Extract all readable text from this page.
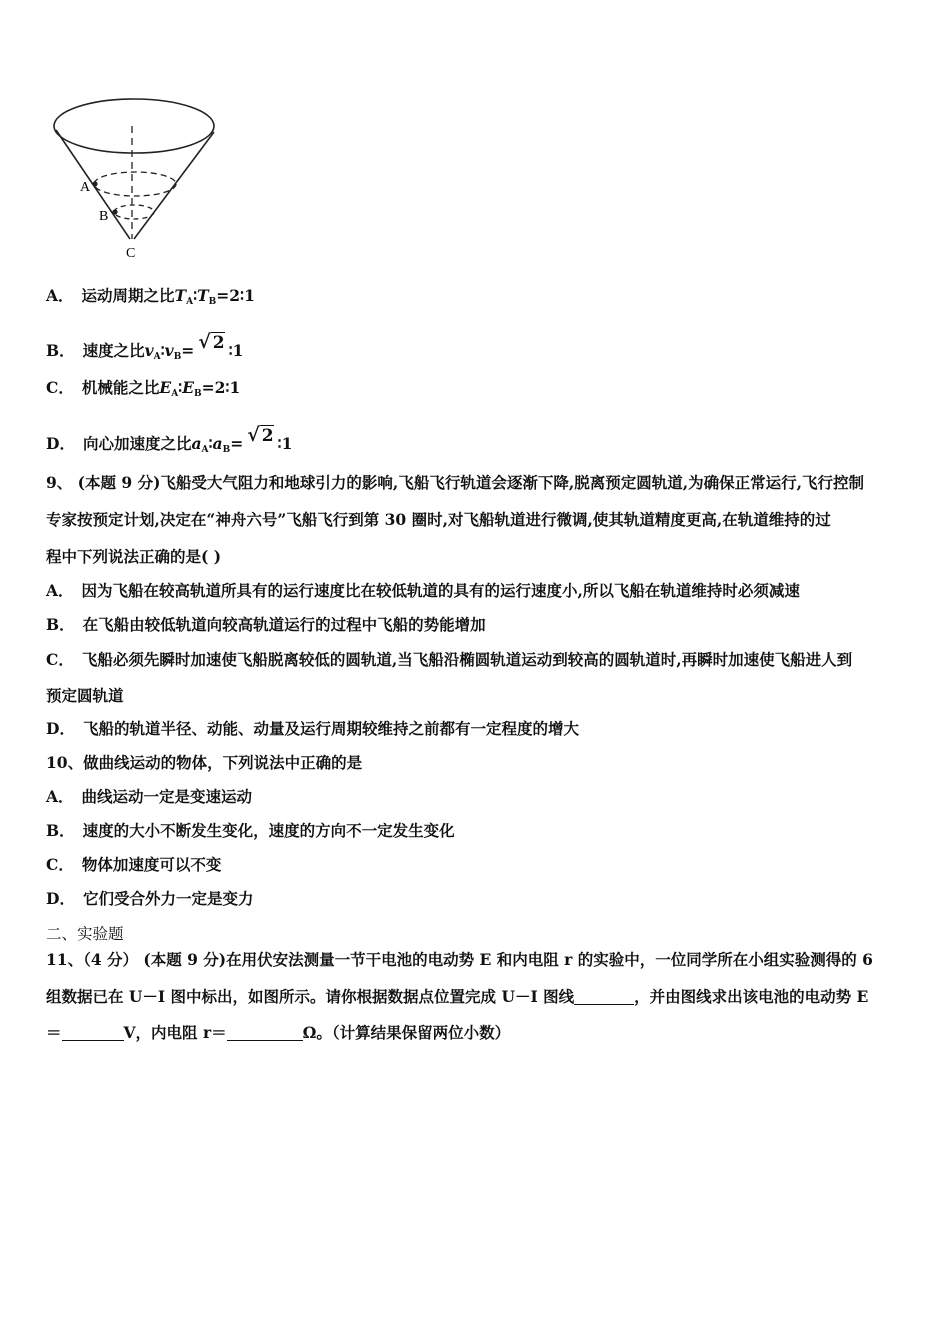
A
B
C
A． 运动周期之比$T_A∶T_B=2∶1$
B． 速度之比$v_A∶v_B=$ √ 2 ∶1
C． 机械能之比$E_A∶E_B=2∶1$
D． 向心加速度之比$a_A∶a_B=$ √ 2 ∶1
9、 (本题 9 分)飞船受大气阻力和地球引力的影响,飞船飞行轨道会逐渐下降,脱离预定圆轨道,为确保正常运行,飞行控制
专家按预定计划,决定在“神舟六号”飞船飞行到第 30 圈时,对飞船轨道进行微调,使其轨道精度更高,在轨道维持的过
程中下列说法正确的是( )
A． 因为飞船在较高轨道所具有的运行速度比在较低轨道的具有的运行速度小,所以飞船在轨道维持时必须减速
B． 在飞船由较低轨道向较高轨道运行的过程中飞船的势能增加
C． 飞船必须先瞬时加速使飞船脱离较低的圆轨道,当飞船沿椭圆轨道运动到较高的圆轨道时,再瞬时加速使飞船进人到
预定圆轨道
D． 飞船的轨道半径、动能、动量及运行周期较维持之前都有一定程度的增大
10、做曲线运动的物体，下列说法中正确的是
A． 曲线运动一定是变速运动
B． 速度的大小不断发生变化，速度的方向不一定发生变化
C． 物体加速度可以不变
D． 它们受合外力一定是变力
二、实验题
11、（4 分） (本题 9 分)在用伏安法测量一节干电池的电动势 E 和内电阻 r 的实验中，一位同学所在小组实验测得的 6
组数据已在 U－I 图中标出，如图所示。请你根据数据点位置完成 U－I 图线	，并由图线求出该电池的电动势 E
＝	V，内电阻 r＝	Ω。（计算结果保留两位小数）
